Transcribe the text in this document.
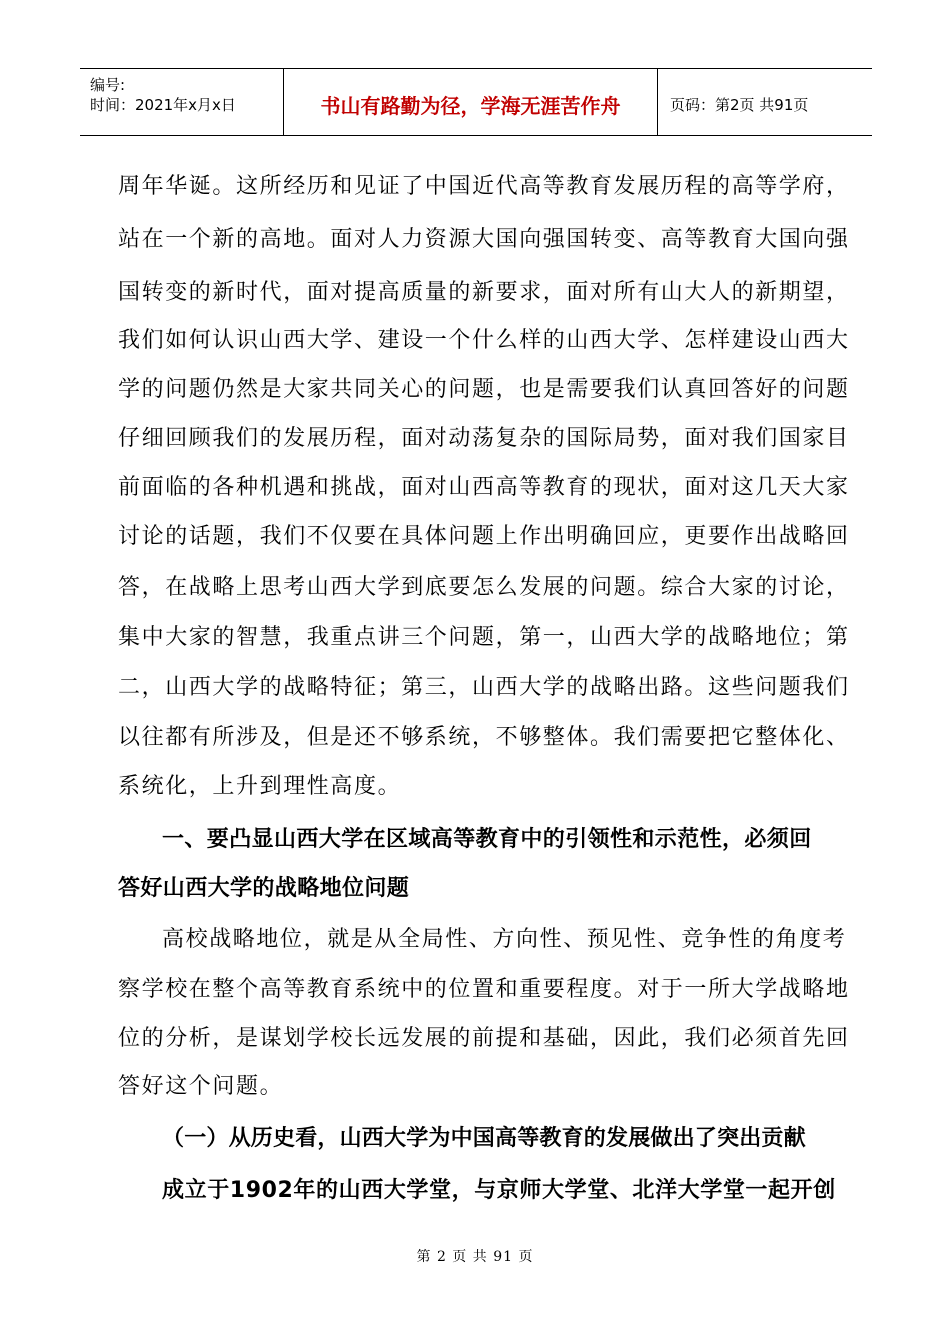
编号:
时间：2021年x月x日	书山有路勤为径，学海无涯苦作舟	页码：第2页 共91页
周年华诞。这所经历和见证了中国近代高等教育发展历程的高等学府，
站在一个新的高地。面对人力资源大国向强国转变、高等教育大国向强
国转变的新时代，面对提高质量的新要求，面对所有山大人的新期望，
我们如何认识山西大学、建设一个什么样的山西大学、怎样建设山西大
学的问题仍然是大家共同关心的问题，也是需要我们认真回答好的问题
仔细回顾我们的发展历程，面对动荡复杂的国际局势，面对我们国家目
前面临的各种机遇和挑战，面对山西高等教育的现状，面对这几天大家
讨论的话题，我们不仅要在具体问题上作出明确回应，更要作出战略回
答，在战略上思考山西大学到底要怎么发展的问题。综合大家的讨论，
集中大家的智慧，我重点讲三个问题，第一，山西大学的战略地位；第
二，山西大学的战略特征；第三，山西大学的战略出路。这些问题我们
以往都有所涉及，但是还不够系统，不够整体。我们需要把它整体化、
系统化，上升到理性高度。
一、要凸显山西大学在区域高等教育中的引领性和示范性，必须回
答好山西大学的战略地位问题
高校战略地位，就是从全局性、方向性、预见性、竞争性的角度考
察学校在整个高等教育系统中的位置和重要程度。对于一所大学战略地
位的分析，是谋划学校长远发展的前提和基础，因此，我们必须首先回
答好这个问题。
（一）从历史看，山西大学为中国高等教育的发展做出了突出贡献
成立于1902年的山西大学堂，与京师大学堂、北洋大学堂一起开创
第 2 页 共 91 页
